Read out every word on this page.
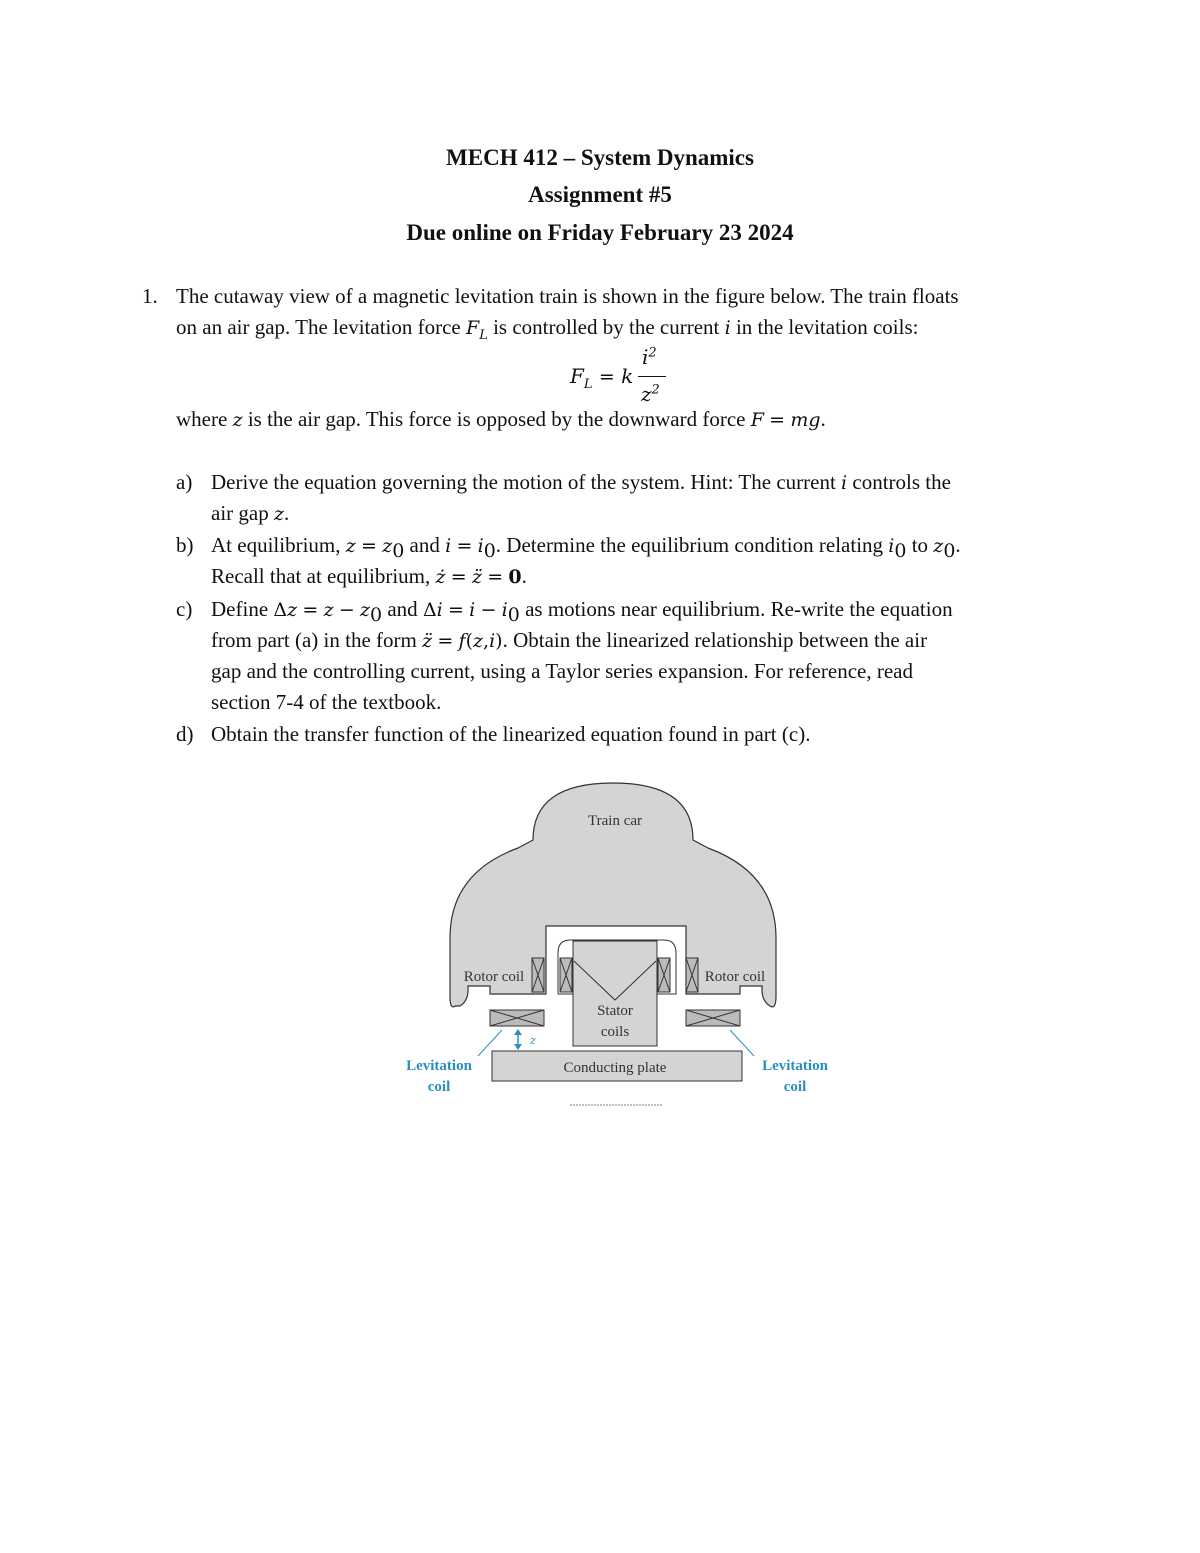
MECH 412 – System Dynamics
Assignment #5
Due online on Friday February 23 2024
1. The cutaway view of a magnetic levitation train is shown in the figure below. The train floats
on an air gap. The levitation force $F_L$ is controlled by the current i in the levitation coils:
$F_L = k$
$i^2$
$z^2$
where z is the air gap. This force is opposed by the downward force F = mg.
a) Derive the equation governing the motion of the system. Hint: The current i controls the
air gap z.
b) At equilibrium, $z = z_0$ and $i = i_0$. Determine the equilibrium condition relating $i_0$ to $z_0$.
Recall that at equilibrium, ż = z̈ = 0.
c) Define $\Delta z = z - z_0$ and $\Delta i = i - i_0$ as motions near equilibrium. Re-write the equation
from part (a) in the form z̈ = f(z,i). Obtain the linearized relationship between the air
gap and the controlling current, using a Taylor series expansion. For reference, read
section 7-4 of the textbook.
d) Obtain the transfer function of the linearized equation found in part (c).
Train car
Rotor coil	Rotor coil
Stator
coils
z
Conducting plate
Levitation
coil
Levitation
coil
